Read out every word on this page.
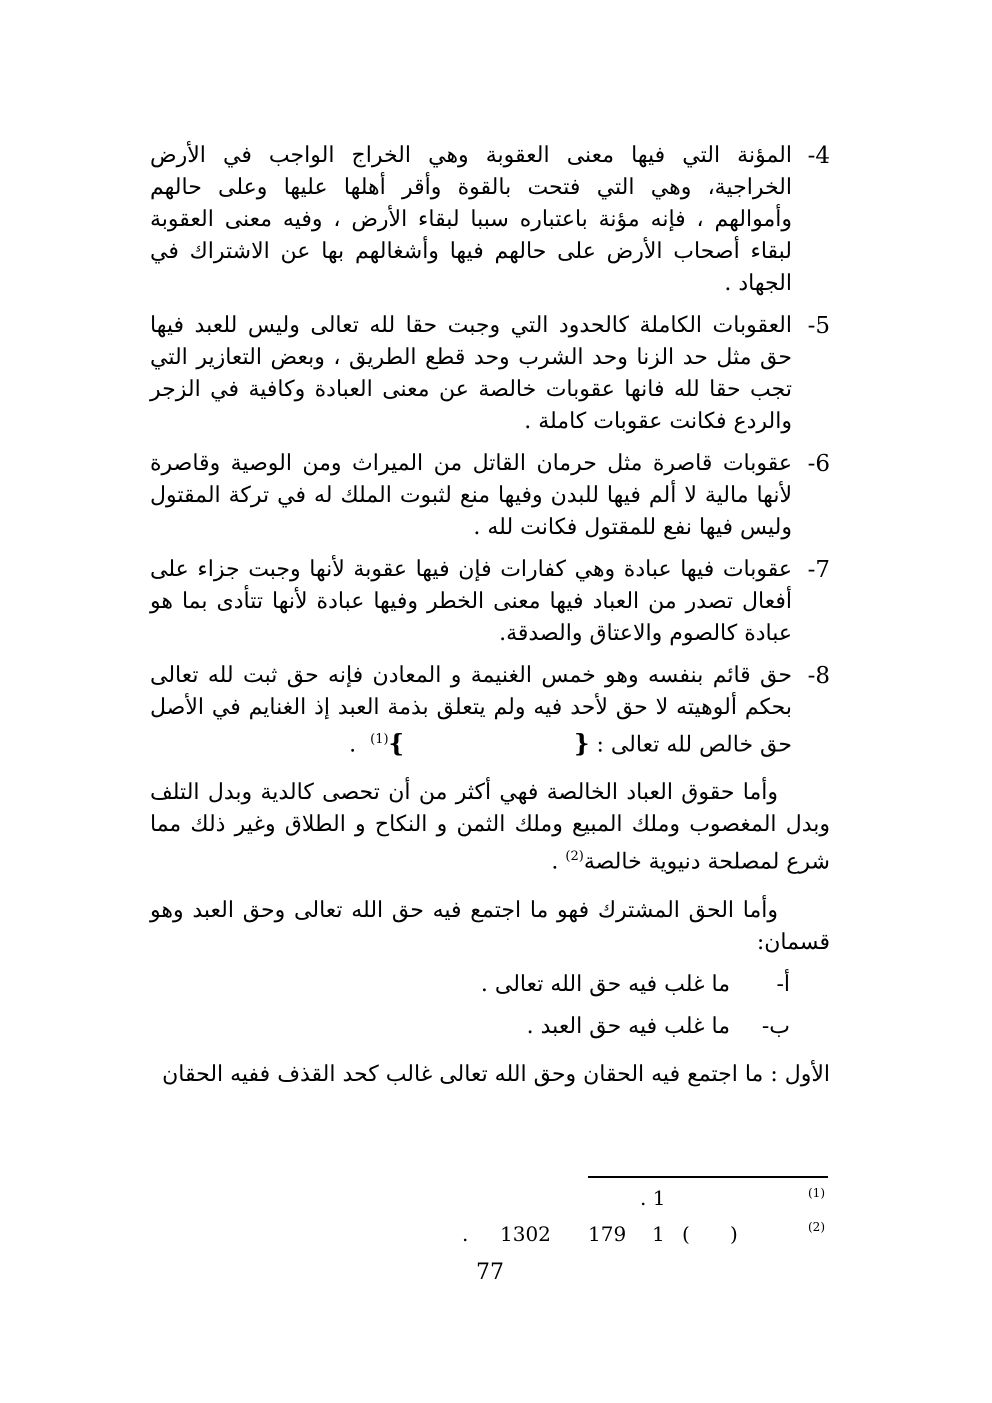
-4
المؤنة التي فيها معنى العقوبة وهي الخراج الواجب في الأرض الخراجية، وهي التي فتحت بالقوة وأقر أهلها عليها وعلى حالهم وأموالهم ، فإنه مؤنة باعتباره سببا لبقاء الأرض ، وفيه معنى العقوبة لبقاء أصحاب الأرض على حالهم فيها وأشغالهم بها عن الاشتراك في الجهاد .
-5
العقوبات الكاملة كالحدود التي وجبت حقا لله تعالى وليس للعبد فيها حق مثل حد الزنا وحد الشرب وحد قطع الطريق ، وبعض التعازير التي تجب حقا لله فانها عقوبات خالصة عن معنى العبادة وكافية في الزجر والردع فكانت عقوبات كاملة .
-6
عقوبات قاصرة مثل حرمان القاتل من الميراث ومن الوصية وقاصرة لأنها مالية لا ألم فيها للبدن وفيها منع لثبوت الملك له في تركة المقتول وليس فيها نفع للمقتول فكانت لله .
-7
عقوبات فيها عبادة وهي كفارات فإن فيها عقوبة لأنها وجبت جزاء على أفعال تصدر من العباد فيها معنى الخطر وفيها عبادة لأنها تتأدى بما هو عبادة كالصوم والاعتاق والصدقة.
-8
حق قائم بنفسه وهو خمس الغنيمة و المعادن فإنه حق ثبت لله تعالى بحكم ألوهيته لا حق لأحد فيه ولم يتعلق بذمة العبد إذ الغنايم في الأصل حق خالص لله تعالى : {}$^{(1)}$  .

وأما حقوق العباد الخالصة فهي أكثر من أن تحصى كالدية وبدل التلف وبدل المغصوب وملك المبيع وملك الثمن و النكاح و الطلاق وغير ذلك مما شرع لمصلحة دنيوية خالصة$^{(2)}$ .

وأما الحق المشترك فهو ما اجتمع فيه حق الله تعالى وحق العبد وهو قسمان:

أ-
ما غلب فيه حق الله تعالى .
ب-
ما غلب فيه حق العبد .

الأول : ما اجتمع فيه الحقان وحق الله تعالى غالب كحد القذف ففيه الحقان

(1)
. 1
(2)
. 1302 179 1 ( )
77
